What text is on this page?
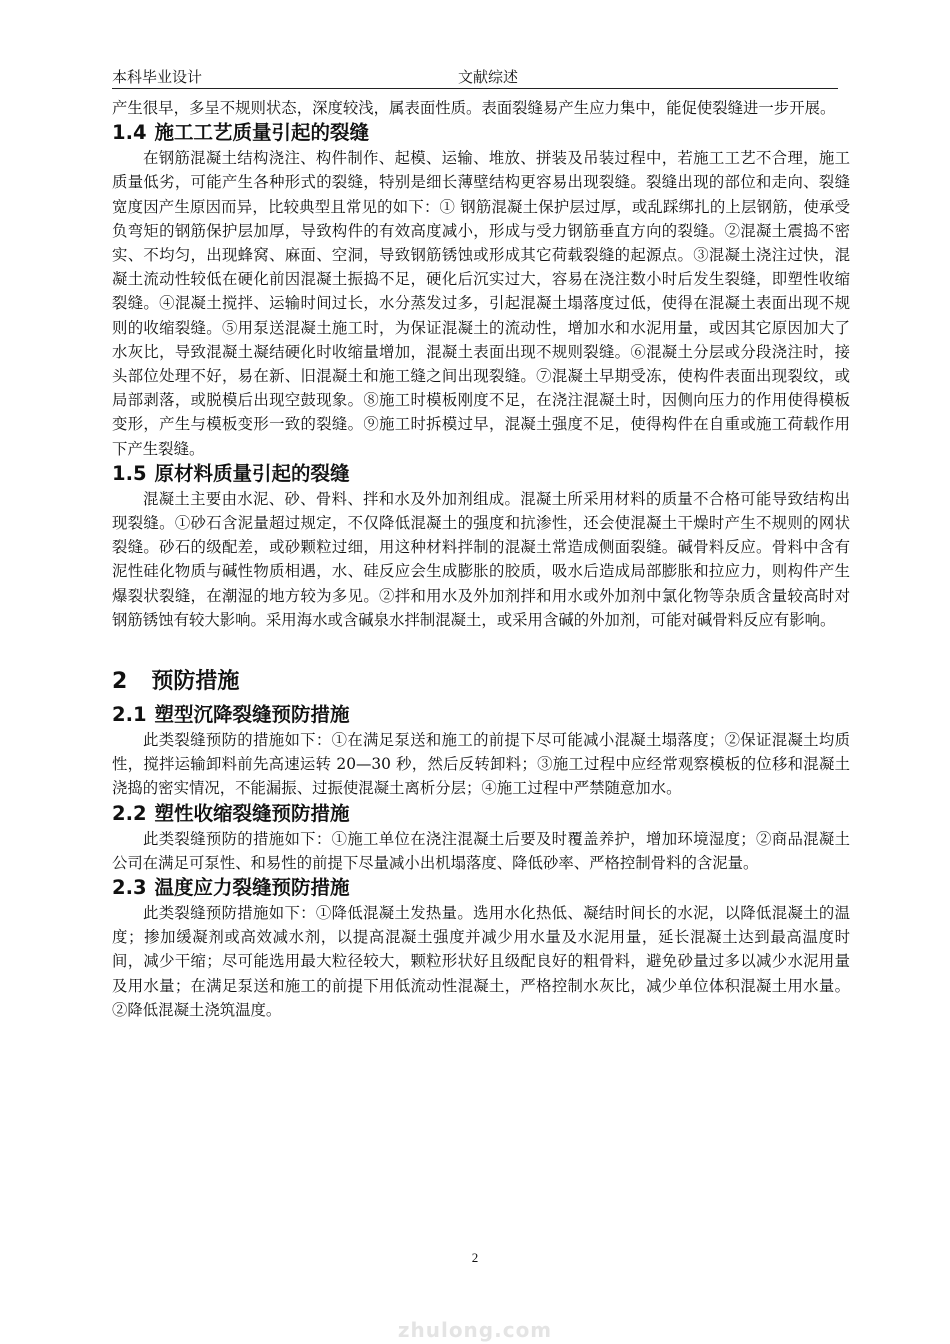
本科毕业设计	文献综述

产生很早，多呈不规则状态，深度较浅，属表面性质。表面裂缝易产生应力集中，能促使裂缝进一步开展。

1.4 施工工艺质量引起的裂缝

在钢筋混凝土结构浇注、构件制作、起模、运输、堆放、拼装及吊装过程中，若施工工艺不合理，施工质量低劣，可能产生各种形式的裂缝，特别是细长薄壁结构更容易出现裂缝。裂缝出现的部位和走向、裂缝宽度因产生原因而异，比较典型且常见的如下：① 钢筋混凝土保护层过厚，或乱踩绑扎的上层钢筋，使承受负弯矩的钢筋保护层加厚，导致构件的有效高度减小，形成与受力钢筋垂直方向的裂缝。②混凝土震捣不密实、不均匀，出现蜂窝、麻面、空洞，导致钢筋锈蚀或形成其它荷载裂缝的起源点。③混凝土浇注过快，混凝土流动性较低在硬化前因混凝土振捣不足，硬化后沉实过大，容易在浇注数小时后发生裂缝，即塑性收缩裂缝。④混凝土搅拌、运输时间过长，水分蒸发过多，引起混凝土塌落度过低，使得在混凝土表面出现不规则的收缩裂缝。⑤用泵送混凝土施工时，为保证混凝土的流动性，增加水和水泥用量，或因其它原因加大了水灰比，导致混凝土凝结硬化时收缩量增加，混凝土表面出现不规则裂缝。⑥混凝土分层或分段浇注时，接头部位处理不好，易在新、旧混凝土和施工缝之间出现裂缝。⑦混凝土早期受冻，使构件表面出现裂纹，或局部剥落，或脱模后出现空鼓现象。⑧施工时模板刚度不足，在浇注混凝土时，因侧向压力的作用使得模板变形，产生与模板变形一致的裂缝。⑨施工时拆模过早，混凝土强度不足，使得构件在自重或施工荷载作用下产生裂缝。

1.5 原材料质量引起的裂缝

混凝土主要由水泥、砂、骨料、拌和水及外加剂组成。混凝土所采用材料的质量不合格可能导致结构出现裂缝。①砂石含泥量超过规定，不仅降低混凝土的强度和抗渗性，还会使混凝土干燥时产生不规则的网状裂缝。砂石的级配差，或砂颗粒过细，用这种材料拌制的混凝土常造成侧面裂缝。碱骨料反应。骨料中含有泥性硅化物质与碱性物质相遇，水、硅反应会生成膨胀的胶质，吸水后造成局部膨胀和拉应力，则构件产生爆裂状裂缝，在潮湿的地方较为多见。②拌和用水及外加剂拌和用水或外加剂中氯化物等杂质含量较高时对钢筋锈蚀有较大影响。采用海水或含碱泉水拌制混凝土，或采用含碱的外加剂，可能对碱骨料反应有影响。

2 预防措施
2.1 塑型沉降裂缝预防措施

此类裂缝预防的措施如下：①在满足泵送和施工的前提下尽可能减小混凝土塌落度；②保证混凝土均质性，搅拌运输卸料前先高速运转 20—30 秒，然后反转卸料；③施工过程中应经常观察模板的位移和混凝土浇捣的密实情况，不能漏振、过振使混凝土离析分层；④施工过程中严禁随意加水。

2.2 塑性收缩裂缝预防措施

此类裂缝预防的措施如下：①施工单位在浇注混凝土后要及时覆盖养护，增加环境湿度；②商品混凝土公司在满足可泵性、和易性的前提下尽量减小出机塌落度、降低砂率、严格控制骨料的含泥量。

2.3 温度应力裂缝预防措施

此类裂缝预防措施如下：①降低混凝土发热量。选用水化热低、凝结时间长的水泥，以降低混凝土的温度；掺加缓凝剂或高效减水剂，以提高混凝土强度并减少用水量及水泥用量，延长混凝土达到最高温度时间，减少干缩；尽可能选用最大粒径较大，颗粒形状好且级配良好的粗骨料，避免砂量过多以减少水泥用量及用水量；在满足泵送和施工的前提下用低流动性混凝土，严格控制水灰比，减少单位体积混凝土用水量。②降低混凝土浇筑温度。

2
zhulong.com
